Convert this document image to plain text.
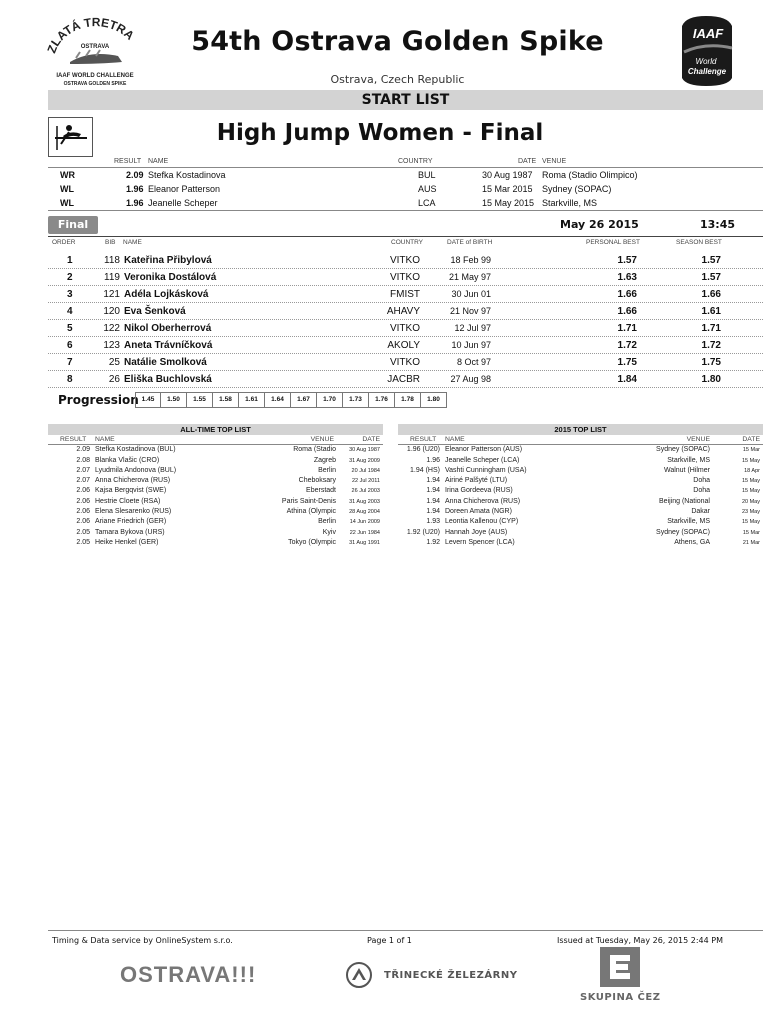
ZLATÁ TRETRA
OSTRAVA
IAAF WORLD CHALLENGE
OSTRAVA GOLDEN SPIKE
54th Ostrava Golden Spike
Ostrava, Czech Republic
IAAF
World
Challenge
START LIST
High Jump Women - Final
RESULT NAME	COUNTRY	DATE VENUE
WR	2.09 Stefka Kostadinova	BUL	30 Aug 1987 Roma (Stadio Olimpico)
WL	1.96 Eleanor Patterson	AUS	15 Mar 2015 Sydney (SOPAC)
WL	1.96 Jeanelle Scheper	LCA	15 May 2015 Starkville, MS
Final	May 26 2015	13:45
ORDER	BIB NAME	COUNTRY	DATE of BIRTH	PERSONAL BEST	SEASON BEST
1	118 Kateřina Přibylová	VITKO	18 Feb 99	1.57	1.57
2	119 Veronika Dostálová	VITKO	21 May 97	1.63	1.57
3	121 Adéla Lojkásková	FMIST	30 Jun 01	1.66	1.66
4	120 Eva Šenková	AHAVY	21 Nov 97	1.66	1.61
5	122 Nikol Oberherrová	VITKO	12 Jul 97	1.71	1.71
6	123 Aneta Trávníčková	AKOLY	10 Jun 97	1.72	1.72
7	25 Natálie Smolková	VITKO	8 Oct 97	1.75	1.75
8	26 Eliška Buchlovská	JACBR	27 Aug 98	1.84	1.80
Progression 1.45	1.50	1.55	1.58	1.61	1.64	1.67	1.70	1.73	1.76	1.78	1.80
ALL-TIME TOP LIST
RESULT NAME	VENUE	DATE
2.09 Stefka Kostadinova (BUL)	Roma (Stadio 30 Aug 1987
2.08 Blanka Vlašic (CRO)	Zagreb 31 Aug 2009
2.07 Lyudmila Andonova (BUL)	Berlin	20 Jul 1984
2.07 Anna Chicherova (RUS)	Cheboksary	22 Jul 2011
2.06 Kajsa Bergqvist (SWE)	Eberstadt	26 Jul 2003
2.06 Hestrie Cloete (RSA)	Paris Saint-Denis 31 Aug 2003
2.06 Elena Slesarenko (RUS)	Athina (Olympic 28 Aug 2004
2.06 Ariane Friedrich (GER)	Berlin 14 Jun 2009
2.05 Tamara Bykova (URS)	Kyiv 22 Jun 1984
2.05 Heike Henkel (GER)	Tokyo (Olympic 31 Aug 1991
2015 TOP LIST
RESULT NAME	VENUE	DATE
1.96 (U20) Eleanor Patterson (AUS)	Sydney (SOPAC)	15 Mar
1.96 Jeanelle Scheper (LCA)	Starkville, MS	15 May
1.94 (HS) Vashti Cunningham (USA)	Walnut (Hilmer	18 Apr
1.94 Airiné Palšyté (LTU)	Doha	15 May
1.94 Irina Gordeeva (RUS)	Doha	15 May
1.94 Anna Chicherova (RUS)	Beijing (National	20 May
1.94 Doreen Amata (NGR)	Dakar	23 May
1.93 Leontia Kallenou (CYP)	Starkville, MS	15 May
1.92 (U20) Hannah Joye (AUS)	Sydney (SOPAC)	15 Mar
1.92 Levern Spencer (LCA)	Athens, GA	21 Mar
Timing & Data service by OnlineSystem s.r.o.	Page 1 of 1	Issued at Tuesday, May 26, 2015 2:44 PM
OSTRAVA!!!	TŘINECKÉ ŽELEZÁRNY
SKUPINA ČEZ
